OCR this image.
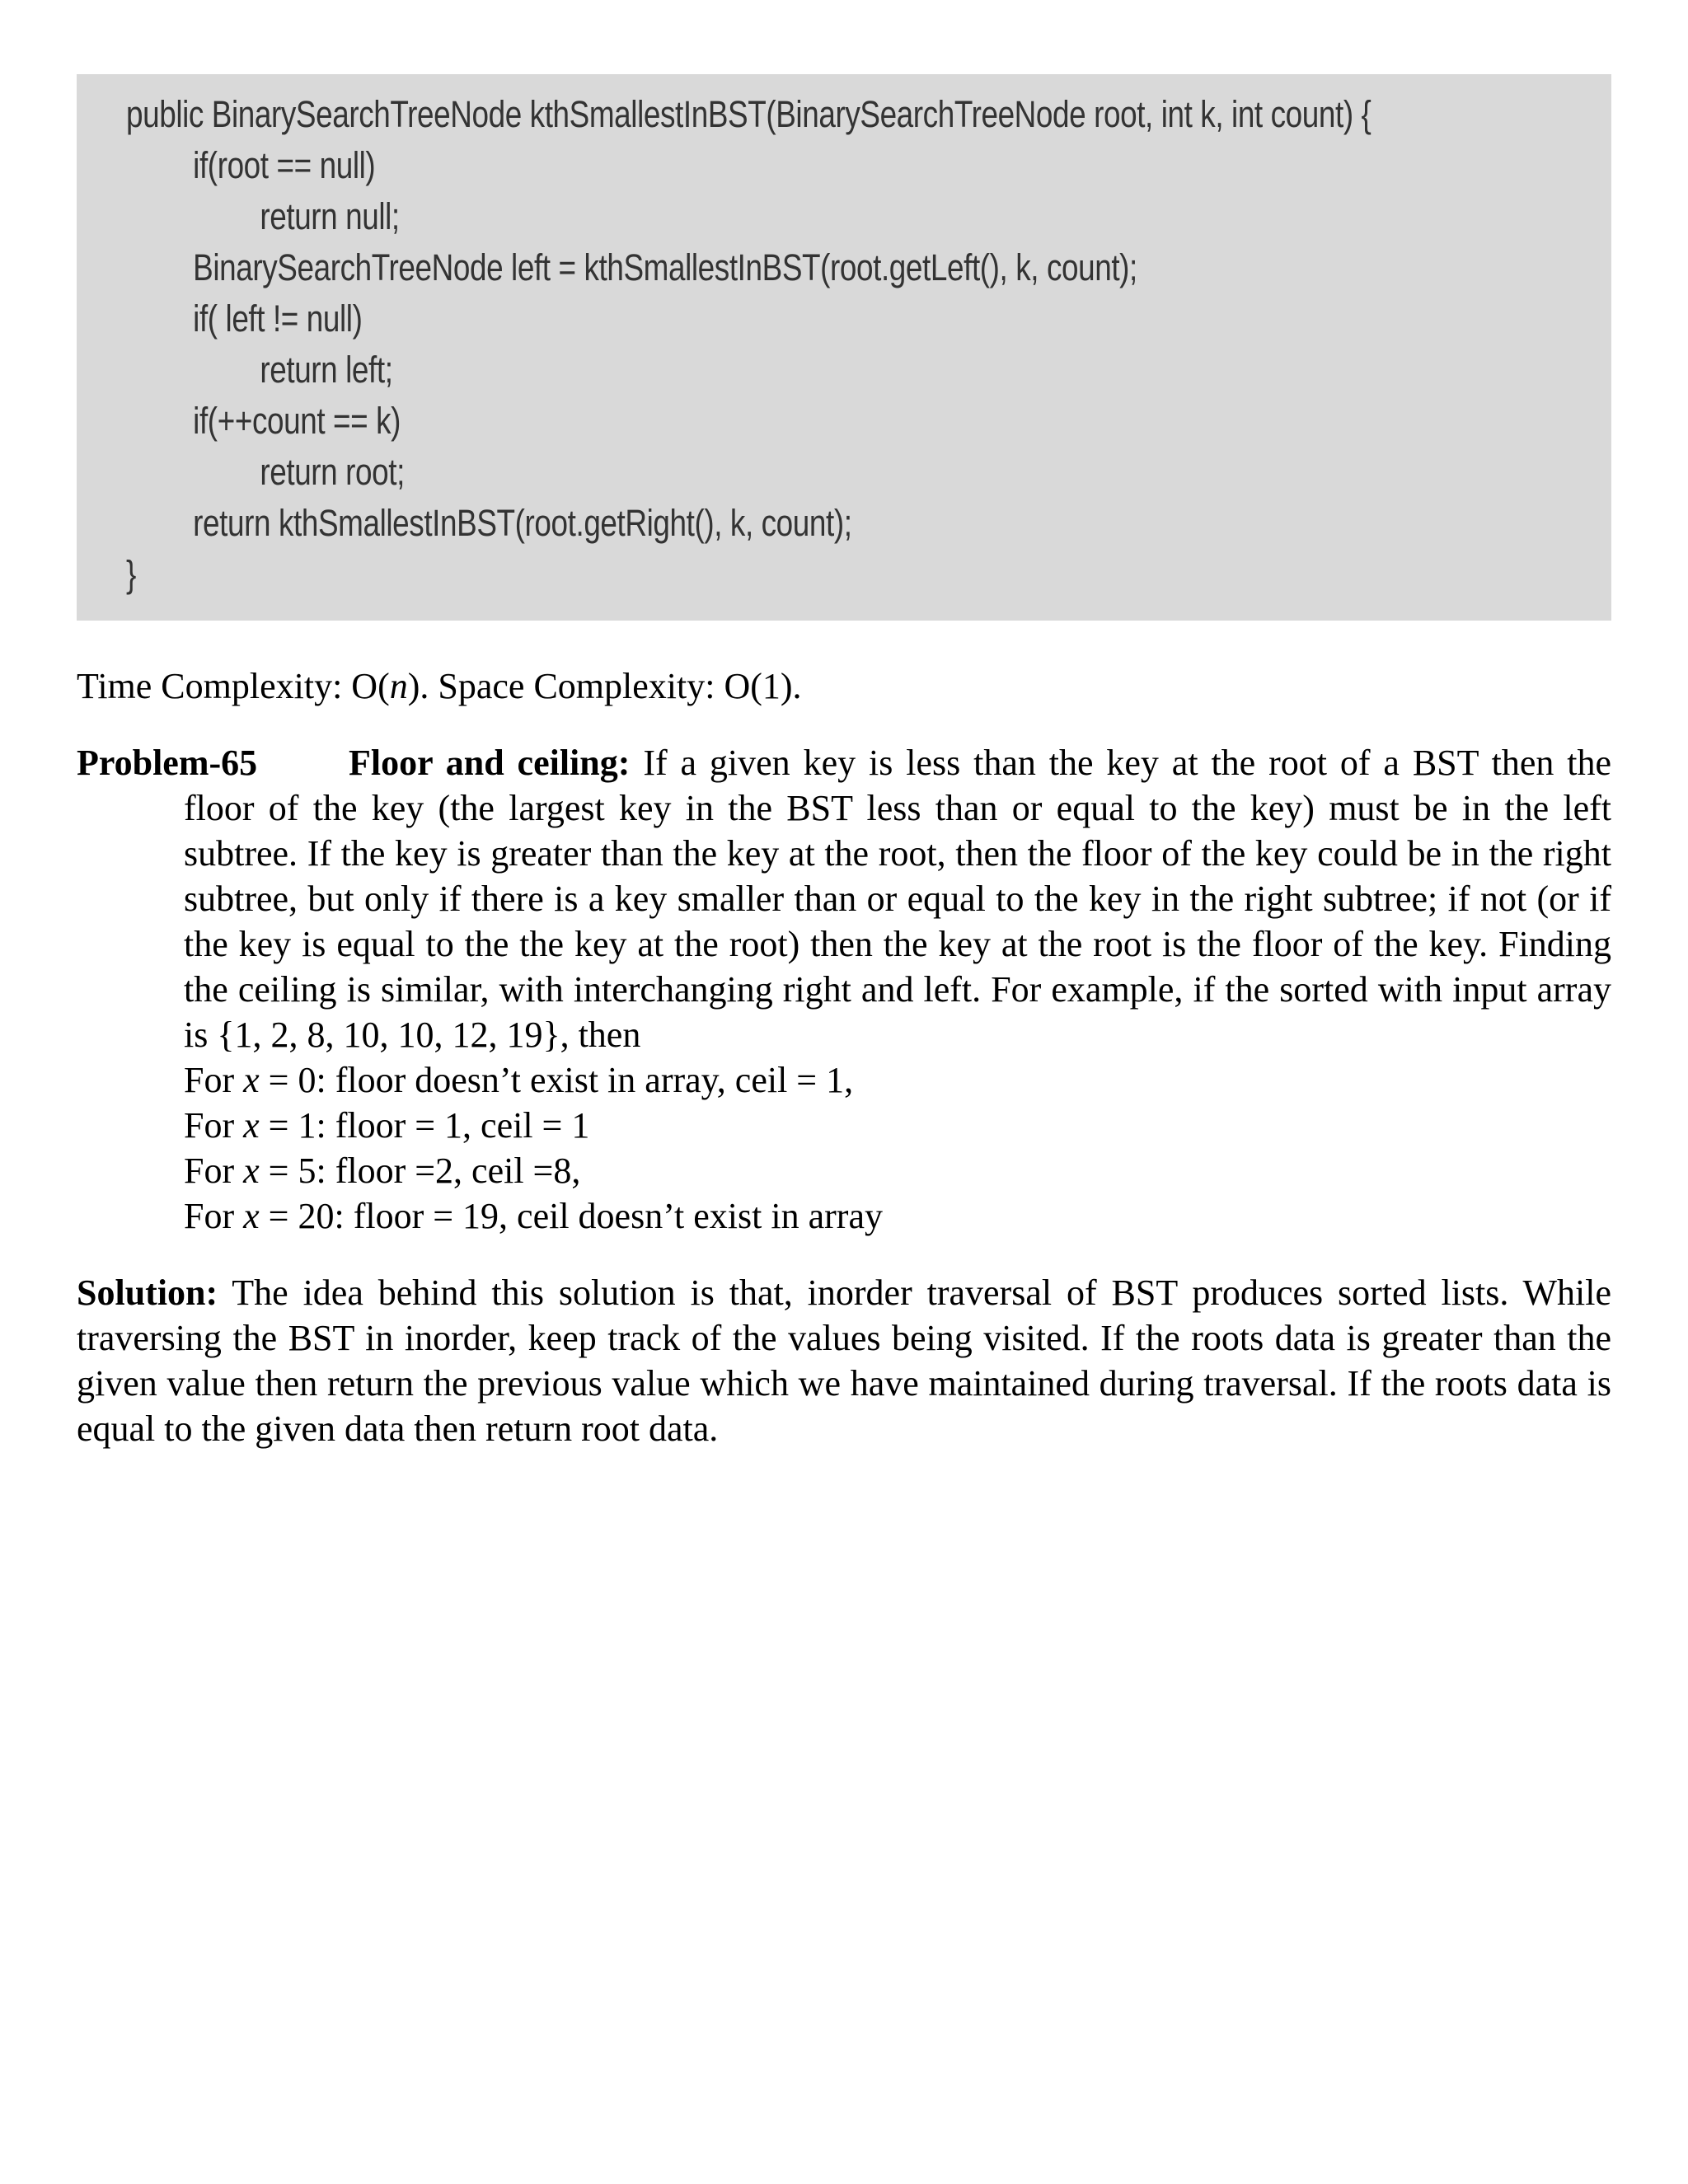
public BinarySearchTreeNode kthSmallestInBST(BinarySearchTreeNode root, int k, int count) {
if(root == null)
return null;
BinarySearchTreeNode left = kthSmallestInBST(root.getLeft(), k, count);
if( left != null)
return left;
if(++count == k)
return root;
return kthSmallestInBST(root.getRight(), k, count);
}

Time Complexity: O(n). Space Complexity: O(1).

Problem-65	Floor and ceiling: If a given key is less than the key at the root of a BST then the floor of the key (the largest key in the BST less than or equal to the key) must be in the left subtree. If the key is greater than the key at the root, then the floor of the key could be in the right subtree, but only if there is a key smaller than or equal to the key in the right subtree; if not (or if the key is equal to the the key at the root) then the key at the root is the floor of the key. Finding the ceiling is similar, with interchanging right and left. For example, if the sorted with input array is {1, 2, 8, 10, 10, 12, 19}, then
For x = 0: floor doesn’t exist in array, ceil = 1,
For x = 1: floor = 1, ceil = 1
For x = 5: floor =2, ceil =8,
For x = 20: floor = 19, ceil doesn’t exist in array

Solution: The idea behind this solution is that, inorder traversal of BST produces sorted lists. While traversing the BST in inorder, keep track of the values being visited. If the roots data is greater than the given value then return the previous value which we have maintained during traversal. If the roots data is equal to the given data then return root data.
